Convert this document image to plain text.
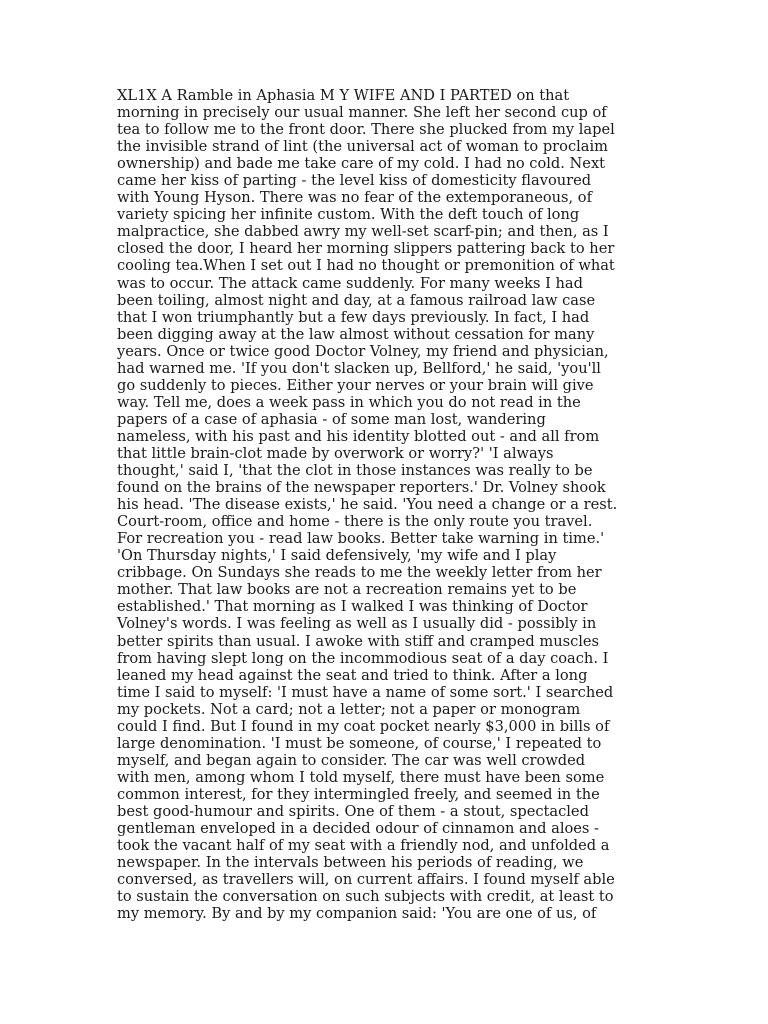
XL1X A Ramble in Aphasia M Y WIFE AND I PARTED on that
morning in precisely our usual manner. She left her second cup of
tea to follow me to the front door. There she plucked from my lapel
the invisible strand of lint (the universal act of woman to proclaim
ownership) and bade me take care of my cold. I had no cold. Next
came her kiss of parting - the level kiss of domesticity flavoured
with Young Hyson. There was no fear of the extemporaneous, of
variety spicing her infinite custom. With the deft touch of long
malpractice, she dabbed awry my well-set scarf-pin; and then, as I
closed the door, I heard her morning slippers pattering back to her
cooling tea.When I set out I had no thought or premonition of what
was to occur. The attack came suddenly. For many weeks I had
been toiling, almost night and day, at a famous railroad law case
that I won triumphantly but a few days previously. In fact, I had
been digging away at the law almost without cessation for many
years. Once or twice good Doctor Volney, my friend and physician,
had warned me. 'If you don't slacken up, Bellford,' he said, 'you'll
go suddenly to pieces. Either your nerves or your brain will give
way. Tell me, does a week pass in which you do not read in the
papers of a case of aphasia - of some man lost, wandering
nameless, with his past and his identity blotted out - and all from
that little brain-clot made by overwork or worry?' 'I always
thought,' said I, 'that the clot in those instances was really to be
found on the brains of the newspaper reporters.' Dr. Volney shook
his head. 'The disease exists,' he said. 'You need a change or a rest.
Court-room, office and home - there is the only route you travel.
For recreation you - read law books. Better take warning in time.'
'On Thursday nights,' I said defensively, 'my wife and I play
cribbage. On Sundays she reads to me the weekly letter from her
mother. That law books are not a recreation remains yet to be
established.' That morning as I walked I was thinking of Doctor
Volney's words. I was feeling as well as I usually did - possibly in
better spirits than usual. I awoke with stiff and cramped muscles
from having slept long on the incommodious seat of a day coach. I
leaned my head against the seat and tried to think. After a long
time I said to myself: 'I must have a name of some sort.' I searched
my pockets. Not a card; not a letter; not a paper or monogram
could I find. But I found in my coat pocket nearly $3,000 in bills of
large denomination. 'I must be someone, of course,' I repeated to
myself, and began again to consider. The car was well crowded
with men, among whom I told myself, there must have been some
common interest, for they intermingled freely, and seemed in the
best good-humour and spirits. One of them - a stout, spectacled
gentleman enveloped in a decided odour of cinnamon and aloes -
took the vacant half of my seat with a friendly nod, and unfolded a
newspaper. In the intervals between his periods of reading, we
conversed, as travellers will, on current affairs. I found myself able
to sustain the conversation on such subjects with credit, at least to
my memory. By and by my companion said: 'You are one of us, of
